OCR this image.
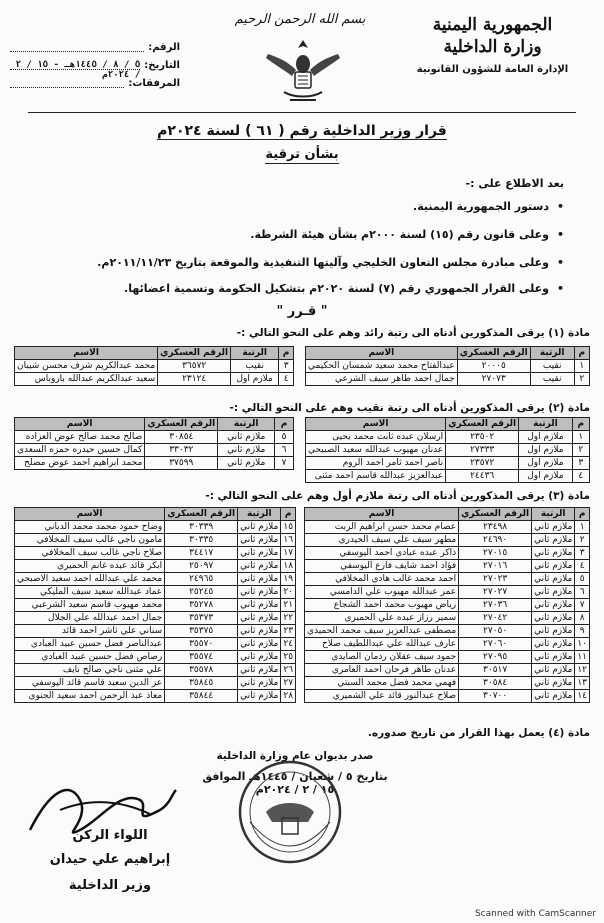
الجمهورية اليمنية
وزارة الداخلية
الإدارة العامة للشؤون القانونية
بسم الله الرحمن الرحيم
الرقم:
التاريخ:
٥ / ٨ / ١٤٤٥هـ - ١٥ / ٢ / ٢٠٢٤م
المرفقات:
قرار وزير الداخلية رقم ( ٦١ ) لسنة ٢٠٢٤م
بشأن ترقية
بعد الاطلاع على :-
• دستور الجمهورية اليمنية.
• وعلى قانون رقم (١٥) لسنة ٢٠٠٠م بشأن هيئة الشرطة.
• وعلى مبادرة مجلس التعاون الخليجي وآليتها التنفيذية والموقعة بتاريخ ٢٠١١/١١/٢٣م.
• وعلى القرار الجمهوري رقم (٧) لسنة ٢٠٢٠م بتشكيل الحكومة وتسمية اعضائها.
" قـرر "
مادة (١) يرقى المذكورين أدناه الى رتبة رائد وهم على النحو التالي :-
م	الرتبة	الرقم العسكري	الاسم
١	نقيب	٢٠٠٠٥	عبدالفتاح محمد سعيد شمسان الحكيمي
٢	نقيب	٢٧٠٧٣	جمال احمد طاهر سيف الشرعي
م	الرتبة	الرقم العسكري	الاسم
٣	نقيب	٣٦٥٧٢	محمد عبدالكريم شرف محسن شيبان
٤	ملازم اول	٢٣١٢٤	سعيد عبدالكريم عبدالله باروباس
مادة (٢) يرقى المذكورين أدناه الى رتبة نقيب وهم على النحو التالي :-
م	الرتبة	الرقم العسكري	الاسم
١	ملازم اول	٢٣٥٠٢	ارسلان عبده ثابت محمد يحيى
٢	ملازم اول	٢٧٣٣٣	عدنان مهيوب عبدالله سعيد الصبيحي
٣	ملازم اول	٢٣٥٧٢	ناصر احمد ثامر احمد الروم
٤	ملازم اول	٢٤٤٣٦	عبدالعزيز عبدالله قاسم احمد مثنى
م	الرتبة	الرقم العسكري	الاسم
٥	ملازم ثاني	٣٠٨٥٤	صالح محمد صالح عوض العزاده
٦	ملازم ثاني	٣٣٠٣٢	كمال حسين حيدره حمزه السعدي
٧	ملازم ثاني	٣٧٥٩٩	محمد ابراهيم احمد عوض مصلح
مادة (٣) يرقى المذكورين أدناه الى رتبة ملازم أول وهم على النحو التالي :-
م	الرتبة	الرقم العسكري	الاسم
١	ملازم ثاني	٢٣٤٩٨	عصام محمد حسن ابراهيم الربت
٢	ملازم ثاني	٢٤٦٩٠	مطهر سيف علي سيف الحيدري
٣	ملازم ثاني	٢٧٠١٥	ذاكر عبده عبادي احمد اليوسفي
٤	ملازم ثاني	٢٧٠١٦	فؤاد احمد شايف فارع اليوسفي
٥	ملازم ثاني	٢٧٠٢٣	احمد محمد غالب هادي المخلافي
٦	ملازم ثاني	٢٧٠٢٧	عمر عبدالله مهيوب علي الدامسي
٧	ملازم ثاني	٢٧٠٣٦	رياض مهيوب محمد احمد الشجاع
٨	ملازم ثاني	٢٧٠٤٢	سمير رزاز عبده علي الحميري
٩	ملازم ثاني	٢٧٠٥٠	مصطفى عبدالعزيز سيف محمد الحميدي
١٠	ملازم ثاني	٢٧٠٦٠	عارف عبدالله علي عبداللطيف صلاح
١١	ملازم ثاني	٢٧٠٩٥	حمود سيف عقلان ردمان الصايدي
١٢	ملازم ثاني	٣٠٥١٧	عدنان طاهر فرحان احمد العامري
١٣	ملازم ثاني	٣٠٥٨٤	فهمي محمد فضل محمد السبتي
١٤	ملازم ثاني	٣٠٧٠٠	صلاح عبدالنور قائد علي الشميري
م	الرتبة	الرقم العسكري	الاسم
١٥	ملازم ثاني	٣٠٣٣٩	وضاح حمود محمد محمد الدباني
١٦	ملازم ثاني	٣٠٣٣٥	مامون ناجي غالب سيف المخلافي
١٧	ملازم ثاني	٣٤٤١٧	صلاح ناجي غالب سيف المخلافي
١٨	ملازم ثاني	٢٥٠٩٧	ابكر قائد عبده غانم الحميري
١٩	ملازم ثاني	٢٤٩٦٥	محمد علي عبدالله احمد سعيد الاصبحي
٢٠	ملازم ثاني	٢٥٢٤٥	عماد عبدالله سعيد سيف المليكي
٢١	ملازم ثاني	٣٥٢٧٨	محمد مهيوب قاسم سعيد الشرعبي
٢٢	ملازم ثاني	٣٥٣٧٣	جمال احمد عبدالله علي الجلال
٢٣	ملازم ثاني	٣٥٣٧٥	سناني علي ثاشر احمد قائد
٢٤	ملازم ثاني	٣٥٥٧٠	عبدالناصر فضل حسين عبيد العبادي
٢٥	ملازم ثاني	٣٥٥٧٤	رصاص فضل حسين عبيد العبادي
٢٦	ملازم ثاني	٣٥٥٧٨	علي مثنى ناجي صالح نايف
٢٧	ملازم ثاني	٣٥٨٤٥	عز الدين سعيد قاسم قائد اليوسفي
٢٨	ملازم ثاني	٣٥٨٤٤	معاذ عبد الرحمن احمد سعيد الحنوي
مادة (٤) يعمل بهذا القرار من تاريخ صدوره.
صدر بديوان عام وزارة الداخلية
بتاريخ ٥ / شعبان / ١٤٤٥هـ الموافق ١٥ / ٢ / ٢٠٢٤م
اللواء الركن
إبراهيم علي حيدان
وزير الداخلية
Scanned with CamScanner
